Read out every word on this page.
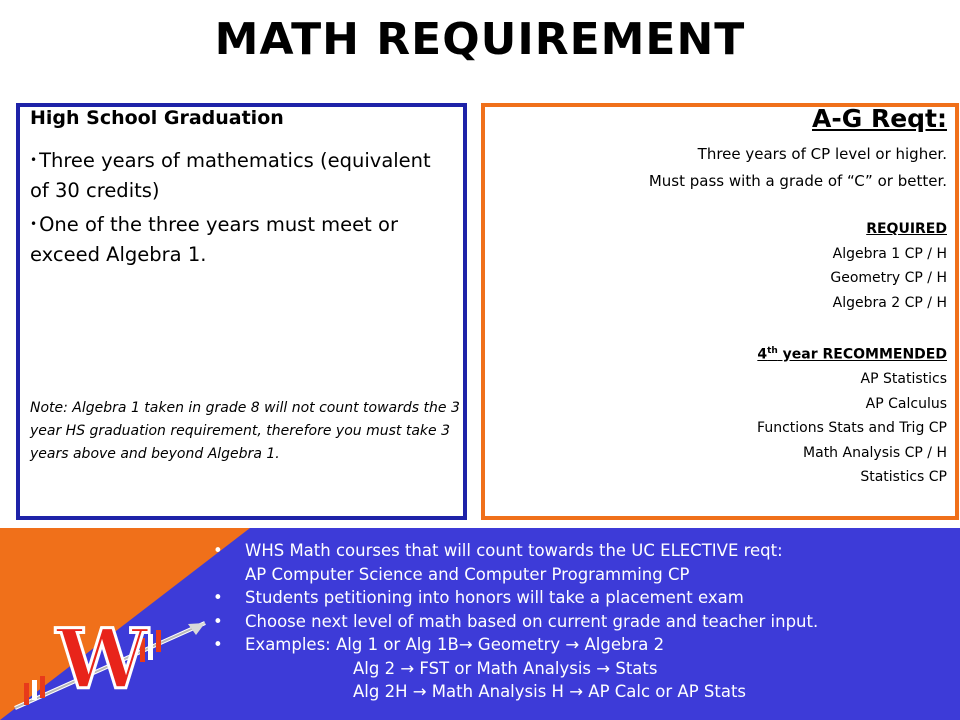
MATH REQUIREMENT
High School Graduation
• Three years of mathematics (equivalent of 30 credits)
• One of the three years must meet or exceed Algebra 1.
Note: Algebra 1 taken in grade 8 will not count towards the 3 year HS graduation requirement, therefore you must take 3 years above and beyond Algebra 1.
A-G Reqt:
Three years of CP level or higher.
Must pass with a grade of “C” or better.
REQUIRED
Algebra 1 CP / H
Geometry CP / H
Algebra 2 CP / H
4th year RECOMMENDED
AP Statistics
AP Calculus
Functions Stats and Trig CP
Math Analysis CP / H
Statistics CP
W
• WHS Math courses that will count towards the UC ELECTIVE reqt:
AP Computer Science and Computer Programming CP
• Students petitioning into honors will take a placement exam
• Choose next level of math based on current grade and teacher input.
• Examples: Alg 1 or Alg 1B→ Geometry → Algebra 2
Alg 2 → FST or Math Analysis → Stats
Alg 2H → Math Analysis H → AP Calc or AP Stats
